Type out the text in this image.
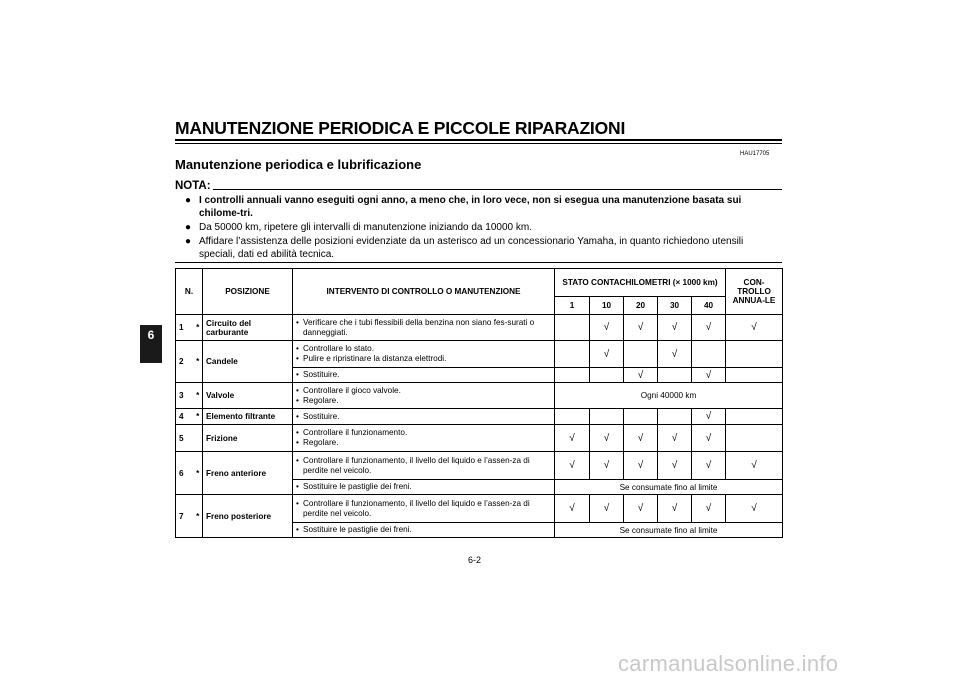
MANUTENZIONE PERIODICA E PICCOLE RIPARAZIONI
6
HAU17705
Manutenzione periodica e lubrificazione
NOTA:
● I controlli annuali vanno eseguiti ogni anno, a meno che, in loro vece, non si esegua una manutenzione basata sui chilome-tri.
● Da 50000 km, ripetere gli intervalli di manutenzione iniziando da 10000 km.
● Affidare l’assistenza delle posizioni evidenziate da un asterisco ad un concessionario Yamaha, in quanto richiedono utensili speciali, dati ed abilità tecnica.
N.		POSIZIONE	INTERVENTO DI CONTROLLO O MANUTENZIONE	STATO CONTACHILOMETRI (× 1000 km)					CON-TROLLO ANNUA-LE
				1	10	20	30	40	
1	*	Circuito del carburante	• Verificare che i tubi flessibili della benzina non siano fes-surati o danneggiati.		√	√	√	√	√
2	*	Candele	• Controllare lo stato.
• Pulire e ripristinare la distanza elettrodi.		√		√		

			• Sostituire.			√		√	
3	*	Valvole	• Controllare il gioco valvole.
• Regolare.	Ogni 40000 km					
4	*	Elemento filtrante	• Sostituire.					√	
5		Frizione	• Controllare il funzionamento.
• Regolare.	√	√	√	√	√	
6	*	Freno anteriore	• Controllare il funzionamento, il livello del liquido e l’assen-za di perdite nel veicolo.	√	√	√	√	√	√

			• Sostituire le pastiglie dei freni.	Se consumate fino al limite					
7	*	Freno posteriore	• Controllare il funzionamento, il livello del liquido e l’assen-za di perdite nel veicolo.	√	√	√	√	√	√

			• Sostituire le pastiglie dei freni.	Se consumate fino al limite					
6-2
carmanualsonline.info
